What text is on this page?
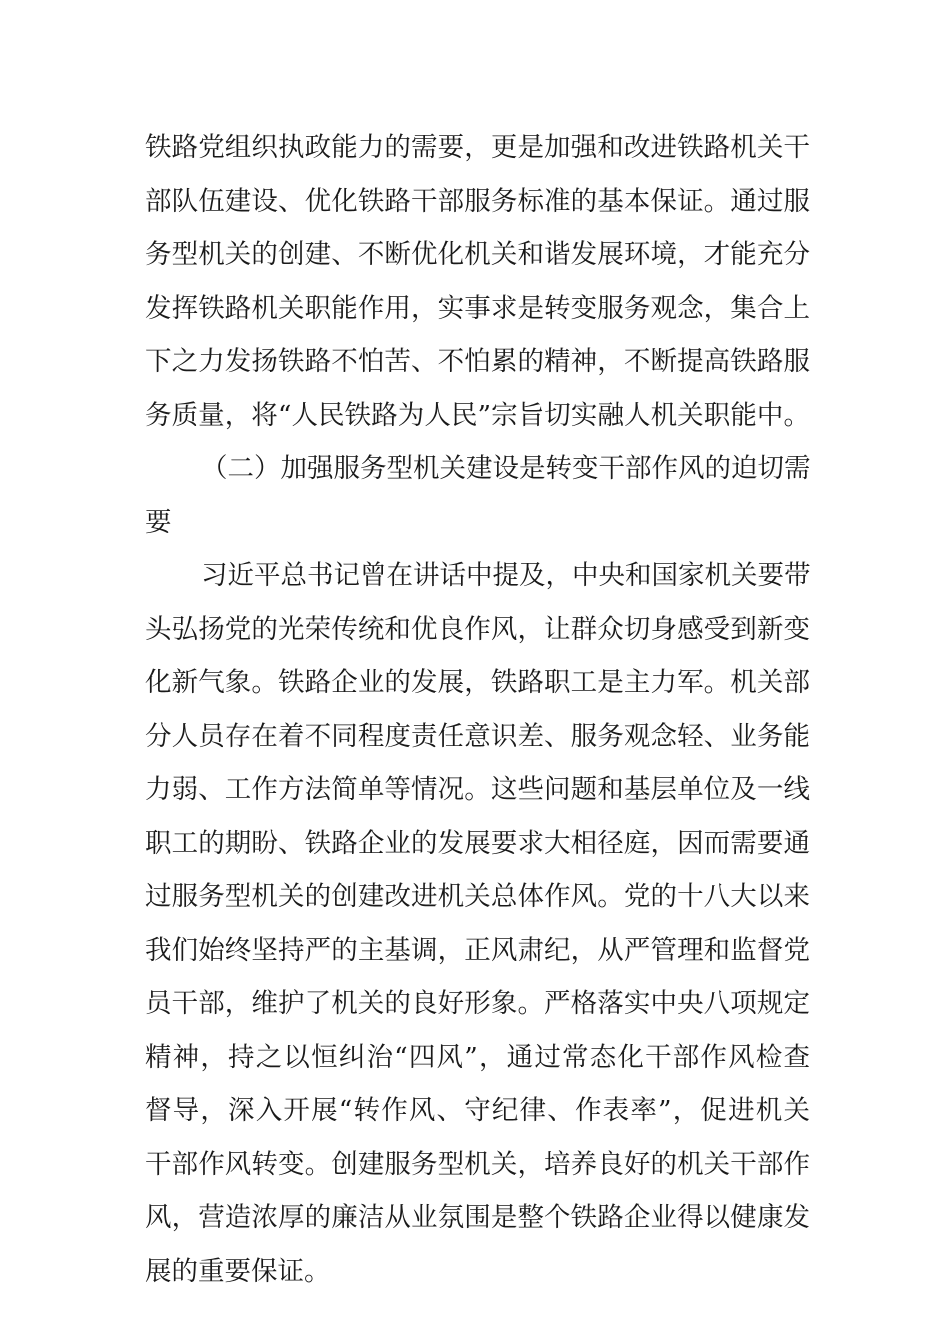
铁路党组织执政能力的需要，更是加强和改进铁路机关干
部队伍建设、优化铁路干部服务标准的基本保证。通过服
务型机关的创建、不断优化机关和谐发展环境，才能充分
发挥铁路机关职能作用，实事求是转变服务观念，集合上
下之力发扬铁路不怕苦、不怕累的精神，不断提高铁路服
务质量，将“人民铁路为人民”宗旨切实融人机关职能中。
（二）加强服务型机关建设是转变干部作风的迫切需
要
习近平总书记曾在讲话中提及，中央和国家机关要带
头弘扬党的光荣传统和优良作风，让群众切身感受到新变
化新气象。铁路企业的发展，铁路职工是主力军。机关部
分人员存在着不同程度责任意识差、服务观念轻、业务能
力弱、工作方法简单等情况。这些问题和基层单位及一线
职工的期盼、铁路企业的发展要求大相径庭，因而需要通
过服务型机关的创建改进机关总体作风。党的十八大以来
我们始终坚持严的主基调，正风肃纪，从严管理和监督党
员干部，维护了机关的良好形象。严格落实中央八项规定
精神，持之以恒纠治“四风”，通过常态化干部作风检查
督导，深入开展“转作风、守纪律、作表率”，促进机关
干部作风转变。创建服务型机关，培养良好的机关干部作
风，营造浓厚的廉洁从业氛围是整个铁路企业得以健康发
展的重要保证。
